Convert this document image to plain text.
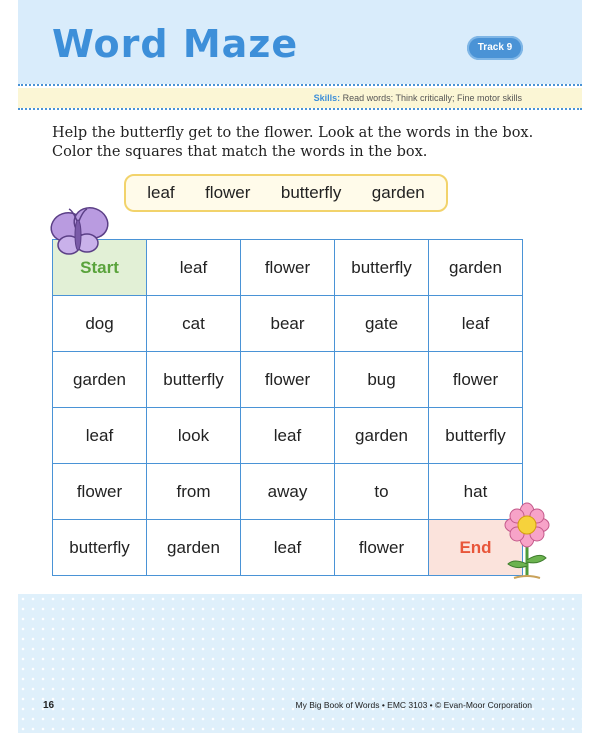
Word Maze	Track 9
Skills: Read words; Think critically; Fine motor skills

Help the butterfly get to the flower. Look at the words in the box.

Color the squares that match the words in the box.

leaf flower butterfly garden
Start	leaf	flower	butterfly	garden
dog	cat	bear	gate	leaf
garden	butterfly	flower	bug	flower
leaf	look	leaf	garden	butterfly
flower	from	away	to	hat
butterfly	garden	leaf	flower	End
16	My Big Book of Words • EMC 3103 • © Evan-Moor Corporation
